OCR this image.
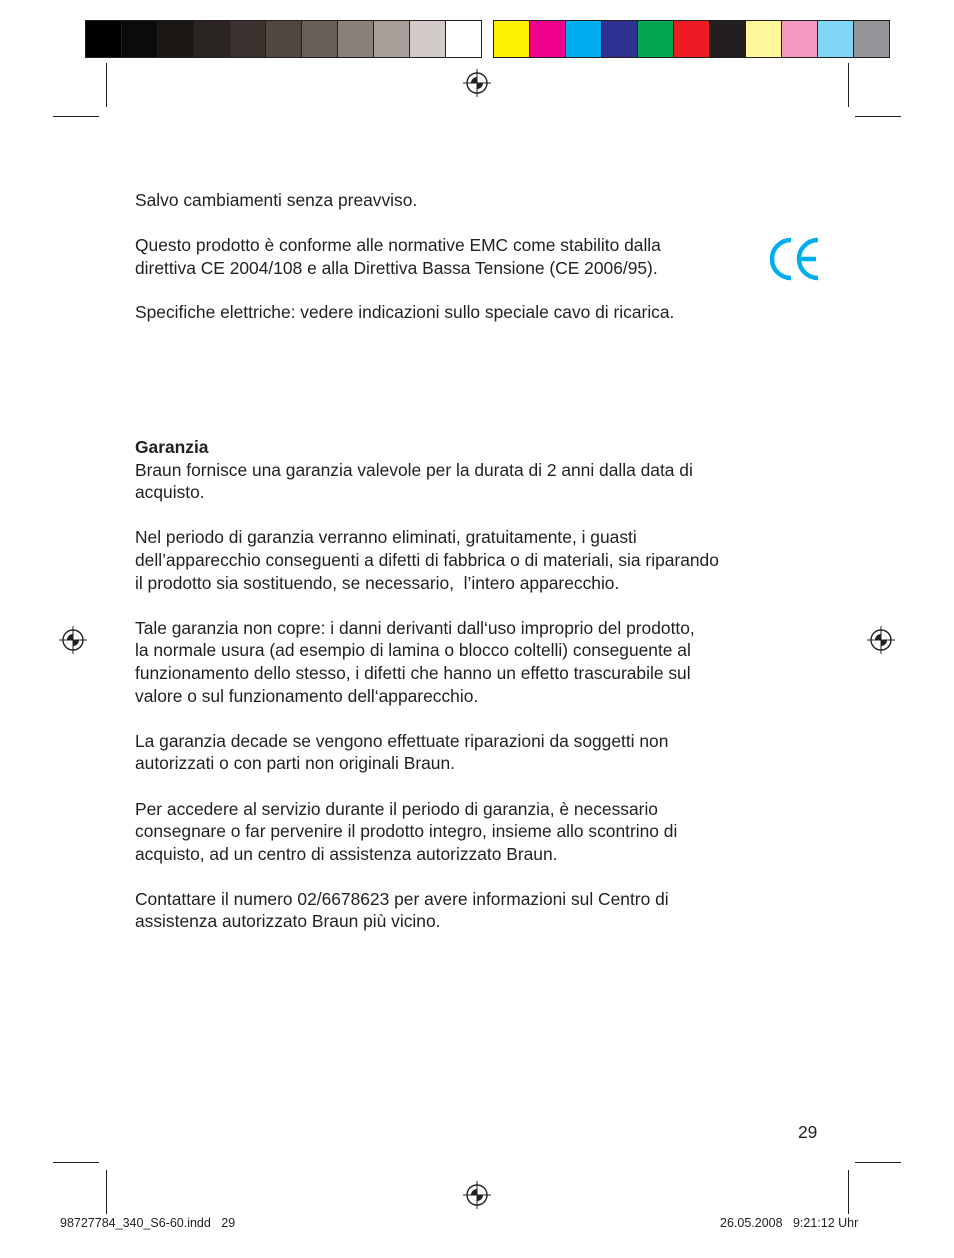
Salvo cambiamenti senza preavviso.

Questo prodotto è conforme alle normative EMC come stabilito dalla

direttiva CE 2004/108 e alla Direttiva Bassa Tensione (CE 2006/95).

Specifiche elettriche: vedere indicazioni sullo speciale cavo di ricarica.

Garanzia

Braun fornisce una garanzia valevole per la durata di 2 anni dalla data di

acquisto.

Nel periodo di garanzia verranno eliminati, gratuitamente, i guasti

dell’apparecchio conseguenti a difetti di fabbrica o di materiali, sia riparando

il prodotto sia sostituendo, se necessario,  l’intero apparecchio.

Tale garanzia non copre: i danni derivanti dall‘uso improprio del prodotto,

la normale usura (ad esempio di lamina o blocco coltelli) conseguente al

funzionamento dello stesso, i difetti che hanno un effetto trascurabile sul

valore o sul funzionamento dell‘apparecchio.

La garanzia decade se vengono effettuate riparazioni da soggetti non

autorizzati o con parti non originali Braun.

Per accedere al servizio durante il periodo di garanzia, è necessario

consegnare o far pervenire il prodotto integro, insieme allo scontrino di

acquisto, ad un centro di assistenza autorizzato Braun.

Contattare il numero 02/6678623 per avere informazioni sul Centro di

assistenza autorizzato Braun più vicino.

29
98727784_340_S6-60.indd   29	26.05.2008   9:21:12 Uhr
